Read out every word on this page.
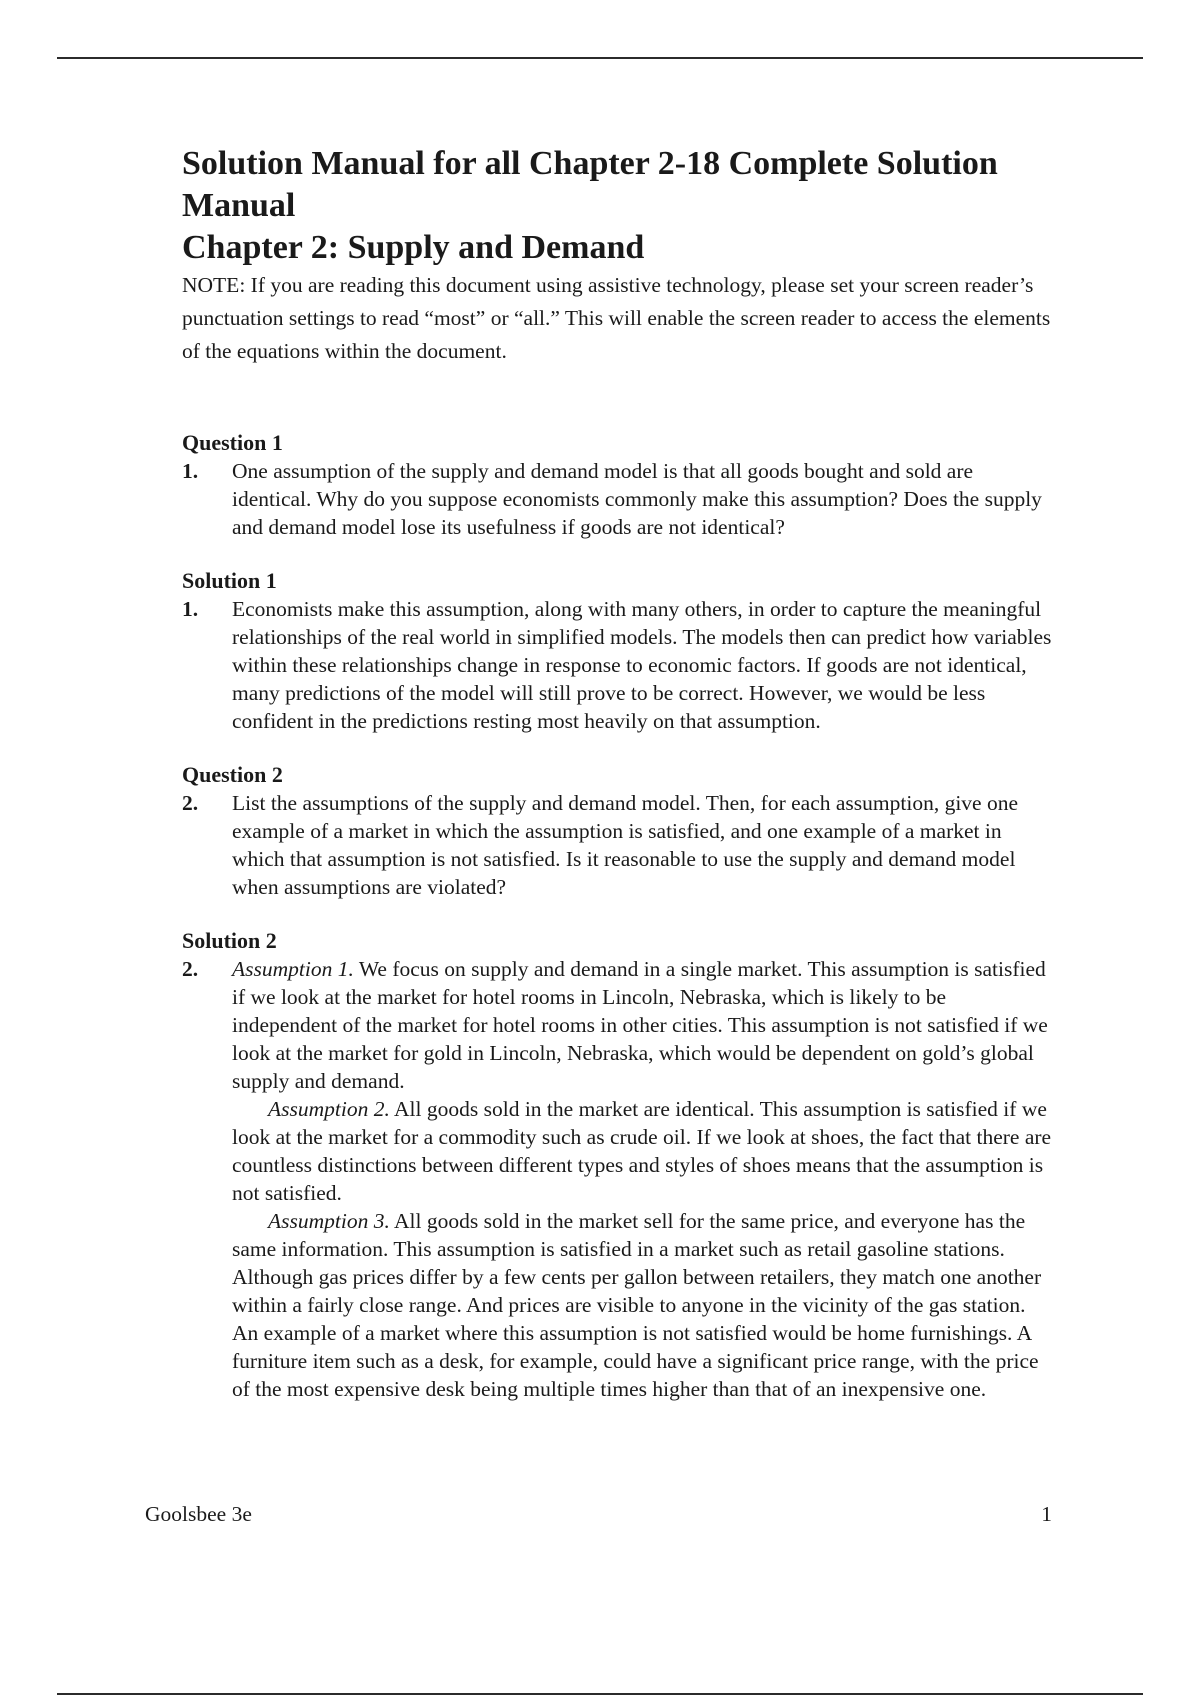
Solution Manual for all Chapter 2-18 Complete Solution Manual
Chapter 2: Supply and Demand

NOTE: If you are reading this document using assistive technology, please set your screen reader’s punctuation settings to read “most” or “all.” This will enable the screen reader to access the elements of the equations within the document.

Question 1
1.	One assumption of the supply and demand model is that all goods bought and sold are identical. Why do you suppose economists commonly make this assumption? Does the supply and demand model lose its usefulness if goods are not identical?
Solution 1
1.	Economists make this assumption, along with many others, in order to capture the meaningful relationships of the real world in simplified models. The models then can predict how variables within these relationships change in response to economic factors. If goods are not identical, many predictions of the model will still prove to be correct. However, we would be less confident in the predictions resting most heavily on that assumption.
Question 2
2.	List the assumptions of the supply and demand model. Then, for each assumption, give one example of a market in which the assumption is satisfied, and one example of a market in which that assumption is not satisfied. Is it reasonable to use the supply and demand model when assumptions are violated?
Solution 2
2.	Assumption 1. We focus on supply and demand in a single market. This assumption is satisfied if we look at the market for hotel rooms in Lincoln, Nebraska, which is likely to be independent of the market for hotel rooms in other cities. This assumption is not satisfied if we look at the market for gold in Lincoln, Nebraska, which would be dependent on gold’s global supply and demand.

Assumption 2. All goods sold in the market are identical. This assumption is satisfied if we look at the market for a commodity such as crude oil. If we look at shoes, the fact that there are countless distinctions between different types and styles of shoes means that the assumption is not satisfied.

Assumption 3. All goods sold in the market sell for the same price, and everyone has the same information. This assumption is satisfied in a market such as retail gasoline stations. Although gas prices differ by a few cents per gallon between retailers, they match one another within a fairly close range. And prices are visible to anyone in the vicinity of the gas station. An example of a market where this assumption is not satisfied would be home furnishings. A furniture item such as a desk, for example, could have a significant price range, with the price of the most expensive desk being multiple times higher than that of an inexpensive one.

Goolsbee 3e	1
